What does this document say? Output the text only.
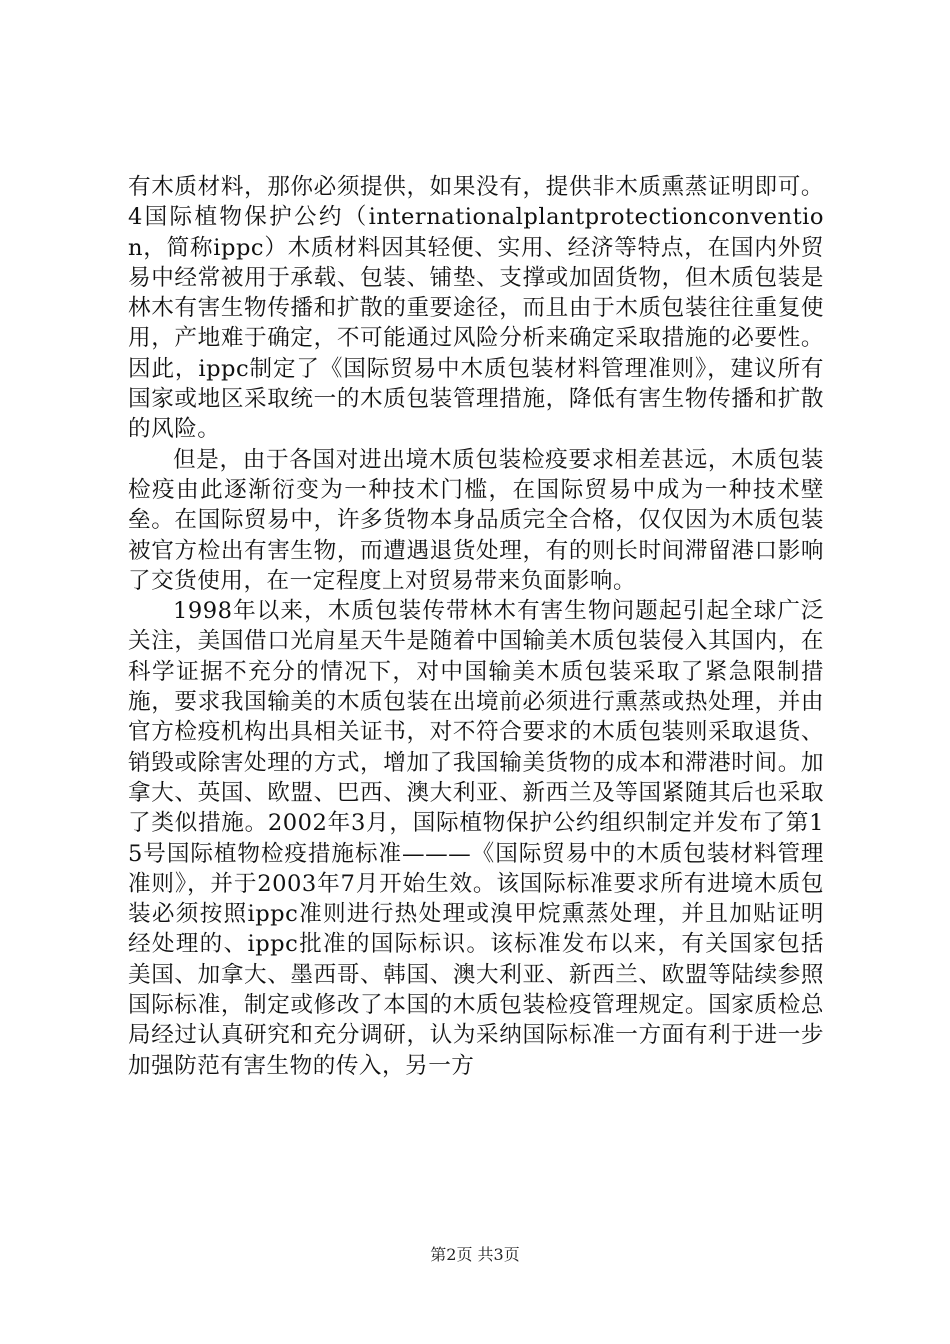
有木质材料，那你必须提供，如果没有，提供非木质熏蒸证明即可。4国际植物保护公约（internationalplantprotectionconvention，简称ippc）木质材料因其轻便、实用、经济等特点，在国内外贸易中经常被用于承载、包装、铺垫、支撑或加固货物，但木质包装是林木有害生物传播和扩散的重要途径，而且由于木质包装往往重复使用，产地难于确定，不可能通过风险分析来确定采取措施的必要性。因此，ippc制定了《国际贸易中木质包装材料管理准则》，建议所有国家或地区采取统一的木质包装管理措施，降低有害生物传播和扩散的风险。

但是，由于各国对进出境木质包装检疫要求相差甚远，木质包装检疫由此逐渐衍变为一种技术门槛，在国际贸易中成为一种技术壁垒。在国际贸易中，许多货物本身品质完全合格，仅仅因为木质包装被官方检出有害生物，而遭遇退货处理，有的则长时间滞留港口影响了交货使用，在一定程度上对贸易带来负面影响。

1998年以来，木质包装传带林木有害生物问题起引起全球广泛关注，美国借口光肩星天牛是随着中国输美木质包装侵入其国内，在科学证据不充分的情况下，对中国输美木质包装采取了紧急限制措施，要求我国输美的木质包装在出境前必须进行熏蒸或热处理，并由官方检疫机构出具相关证书，对不符合要求的木质包装则采取退货、销毁或除害处理的方式，增加了我国输美货物的成本和滞港时间。加拿大、英国、欧盟、巴西、澳大利亚、新西兰及等国紧随其后也采取了类似措施。2002年3月，国际植物保护公约组织制定并发布了第15号国际植物检疫措施标准———《国际贸易中的木质包装材料管理准则》，并于2003年7月开始生效。该国际标准要求所有进境木质包装必须按照ippc准则进行热处理或溴甲烷熏蒸处理，并且加贴证明经处理的、ippc批准的国际标识。该标准发布以来，有关国家包括美国、加拿大、墨西哥、韩国、澳大利亚、新西兰、欧盟等陆续参照国际标准，制定或修改了本国的木质包装检疫管理规定。国家质检总局经过认真研究和充分调研，认为采纳国际标准一方面有利于进一步加强防范有害生物的传入，另一方

第2页 共3页
